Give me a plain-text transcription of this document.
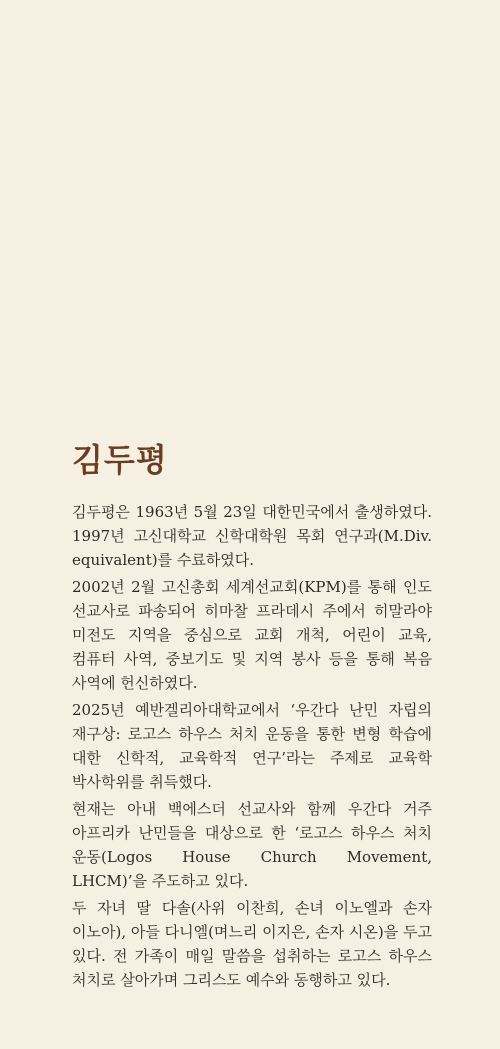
김두평

김두평은 1963년 5월 23일 대한민국에서 출생하였다. 1997년 고신대학교 신학대학원 목회 연구과(M.Div. equivalent)를 수료하였다.

2002년 2월 고신총회 세계선교회(KPM)를 통해 인도 선교사로 파송되어 히마찰 프라데시 주에서 히말라야 미전도 지역을 중심으로 교회 개척, 어린이 교육, 컴퓨터 사역, 중보기도 및 지역 봉사 등을 통해 복음 사역에 헌신하였다.

2025년 예반겔리아대학교에서 ‘우간다 난민 자립의 재구상: 로고스 하우스 처치 운동을 통한 변형 학습에 대한 신학적, 교육학적 연구’라는 주제로 교육학 박사학위를 취득했다.

현재는 아내 백에스더 선교사와 함께 우간다 거주 아프리카 난민들을 대상으로 한 ‘로고스 하우스 처치 운동(Logos House Church Movement, LHCM)’을 주도하고 있다.

두 자녀 딸 다솔(사위 이찬희, 손녀 이노엘과 손자 이노아), 아들 다니엘(며느리 이지은, 손자 시온)을 두고 있다. 전 가족이 매일 말씀을 섭취하는 로고스 하우스 처치로 살아가며 그리스도 예수와 동행하고 있다.
